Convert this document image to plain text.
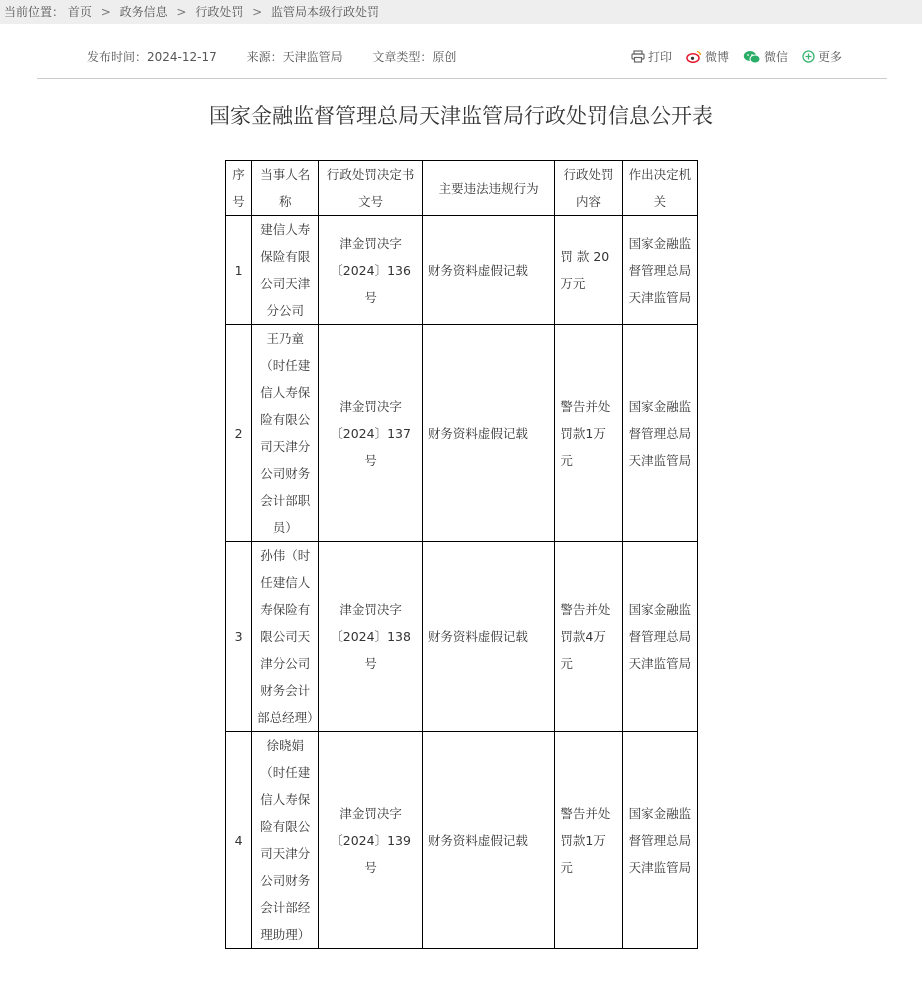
当前位置： 首页 > 政务信息 > 行政处罚 > 监管局本级行政处罚
发布时间：2024-12-17 来源：天津监管局 文章类型：原创	打印	微博	微信	更多
国家金融监督管理总局天津监管局行政处罚信息公开表
序号	当事人名称	行政处罚决定书文号	主要违法违规行为	行政处罚内容	作出决定机关
1	建信人寿保险有限公司天津分公司	津金罚决字〔2024〕136号	财务资料虚假记载	罚 款 20 万元	国家金融监督管理总局天津监管局
2	王乃童（时任建信人寿保险有限公司天津分公司财务会计部职员）	津金罚决字〔2024〕137号	财务资料虚假记载	警告并处罚款1万元	国家金融监督管理总局天津监管局
3	孙伟（时任建信人寿保险有限公司天津分公司财务会计部总经理）	津金罚决字〔2024〕138号	财务资料虚假记载	警告并处罚款4万元	国家金融监督管理总局天津监管局
4	徐晓娟（时任建信人寿保险有限公司天津分公司财务会计部经理助理）	津金罚决字〔2024〕139号	财务资料虚假记载	警告并处罚款1万元	国家金融监督管理总局天津监管局
